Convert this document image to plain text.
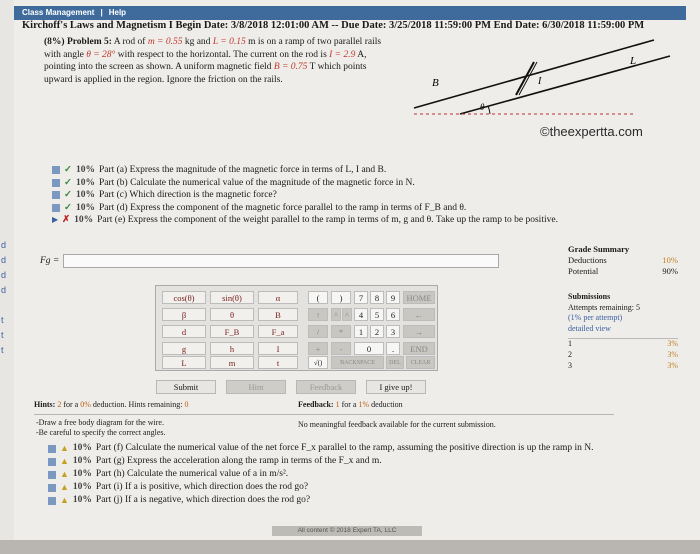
d
d
d
d
t
t
t
Class Management | Help
Kirchoff's Laws and Magnetism I Begin Date: 3/8/2018 12:01:00 AM -- Due Date: 3/25/2018 11:59:00 PM End Date: 6/30/2018 11:59:00 PM
(8%) Problem 5: A rod of m = 0.55 kg and L = 0.15 m is on a ramp of two parallel rails with angle θ = 28° with respect to the horizontal. The current on the rod is I = 2.9 A, pointing into the screen as shown. A uniform magnetic field B = 0.75 T which points upward is applied in the region. Ignore the friction on the rails.	B	I
L
θ
©theexpertta.com
✓ 10% Part (a) Express the magnitude of the magnetic force in terms of L, I and B.
✓ 10% Part (b) Calculate the numerical value of the magnitude of the magnetic force in N.
✓ 10% Part (c) Which direction is the magnetic force?
✓ 10% Part (d) Express the component of the magnetic force parallel to the ramp in terms of F_B and θ.
▶ ✗ 10% Part (e) Express the component of the weight parallel to the ramp in terms of m, g and θ. Take up the ramp to be positive.
Fg =
Grade Summary
Deductions	10%
Potential	90%
Submissions
Attempts remaining: 5
(1% per attempt)
detailed view
1	3%
2	3%
3	3%
cos(θ)	sin(θ)	α
β	θ	B
d	F_B	F_a
g	h	I
L	m	t
(	)	7	8	9	HOME
↑	^ ^	4	5	6	←
/	*	1	2	3	→
+	-	0	.	END
√()	BACKSPACE	DEL	CLEAR
Submit	Hint	Feedback	I give up!
Hints: 2 for a 0% deduction. Hints remaining: 0	Feedback: 1 for a 1% deduction
-Draw a free body diagram for the wire.
-Be careful to specify the correct angles.
No meaningful feedback available for the current submission.
▲ 10% Part (f) Calculate the numerical value of the net force F_x parallel to the ramp, assuming the positive direction is up the ramp in N.
▲ 10% Part (g) Express the acceleration along the ramp in terms of the F_x and m.
▲ 10% Part (h) Calculate the numerical value of a in m/s².
▲ 10% Part (i) If a is positive, which direction does the rod go?
▲ 10% Part (j) If a is negative, which direction does the rod go?
All content © 2018 Expert TA, LLC
